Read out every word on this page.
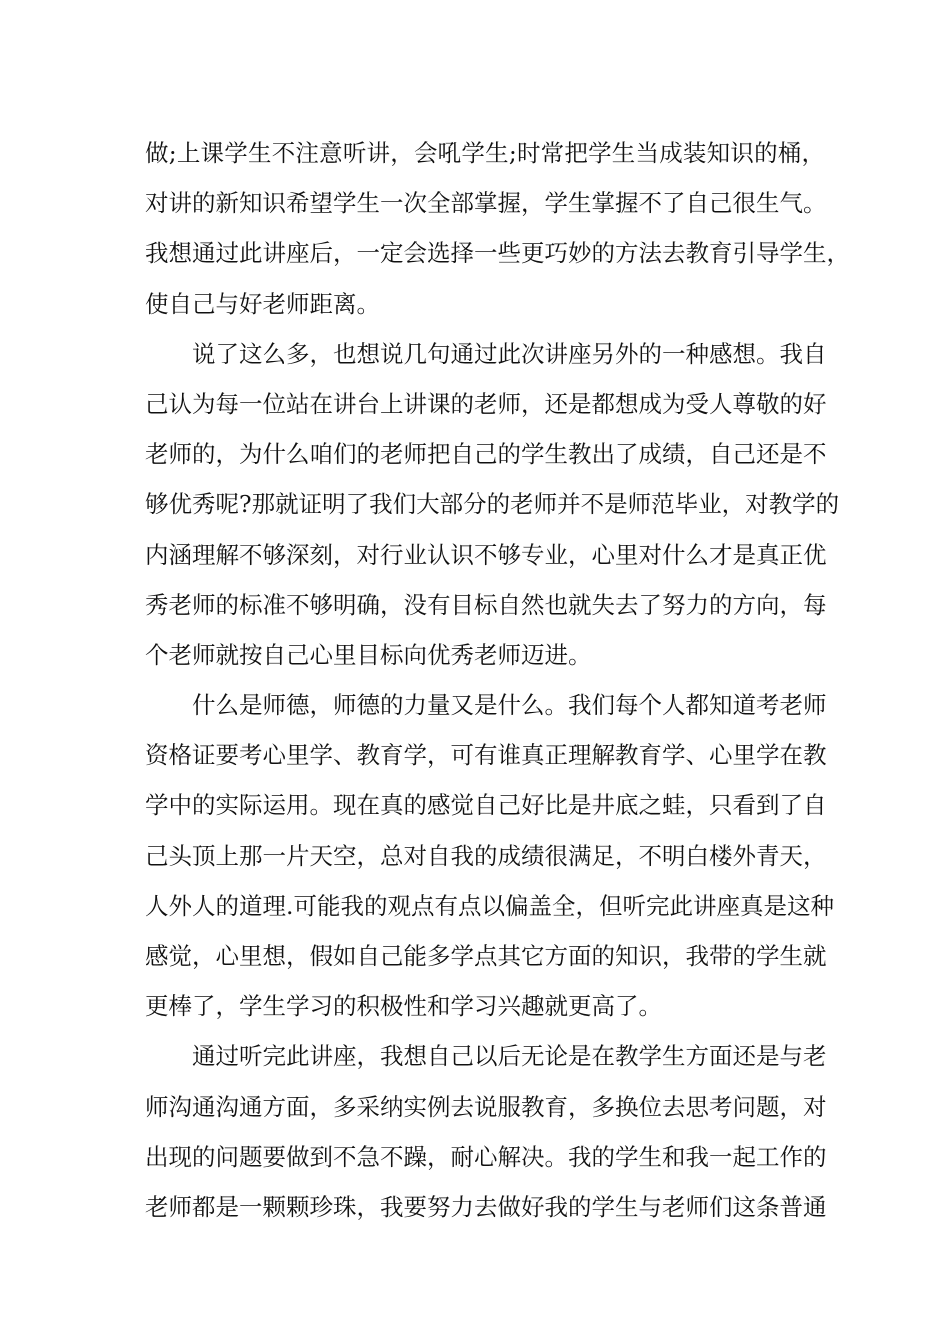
做;上课学生不注意听讲，会吼学生;时常把学生当成装知识的桶，
对讲的新知识希望学生一次全部掌握，学生掌握不了自己很生气。
我想通过此讲座后，一定会选择一些更巧妙的方法去教育引导学生，
使自己与好老师距离。
说了这么多，也想说几句通过此次讲座另外的一种感想。我自
己认为每一位站在讲台上讲课的老师，还是都想成为受人尊敬的好
老师的，为什么咱们的老师把自己的学生教出了成绩，自己还是不
够优秀呢?那就证明了我们大部分的老师并不是师范毕业，对教学的
内涵理解不够深刻，对行业认识不够专业，心里对什么才是真正优
秀老师的标准不够明确，没有目标自然也就失去了努力的方向，每
个老师就按自己心里目标向优秀老师迈进。
什么是师德，师德的力量又是什么。我们每个人都知道考老师
资格证要考心里学、教育学，可有谁真正理解教育学、心里学在教
学中的实际运用。现在真的感觉自己好比是井底之蛙，只看到了自
己头顶上那一片天空，总对自我的成绩很满足，不明白楼外青天，
人外人的道理.可能我的观点有点以偏盖全，但听完此讲座真是这种
感觉，心里想，假如自己能多学点其它方面的知识，我带的学生就
更棒了，学生学习的积极性和学习兴趣就更高了。
通过听完此讲座，我想自己以后无论是在教学生方面还是与老
师沟通沟通方面，多采纳实例去说服教育，多换位去思考问题，对
出现的问题要做到不急不躁，耐心解决。我的学生和我一起工作的
老师都是一颗颗珍珠，我要努力去做好我的学生与老师们这条普通
